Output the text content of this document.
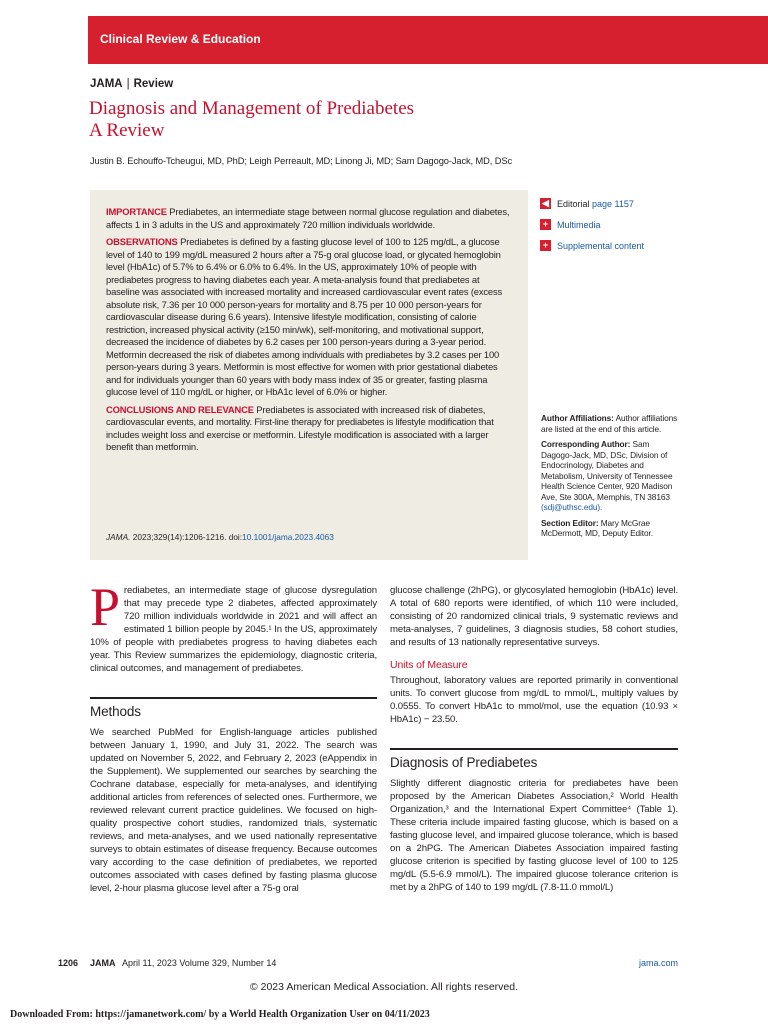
Clinical Review & Education
JAMA | Review
Diagnosis and Management of Prediabetes
A Review
Justin B. Echouffo-Tcheugui, MD, PhD; Leigh Perreault, MD; Linong Ji, MD; Sam Dagogo-Jack, MD, DSc

IMPORTANCE Prediabetes, an intermediate stage between normal glucose regulation and diabetes, affects 1 in 3 adults in the US and approximately 720 million individuals worldwide.

OBSERVATIONS Prediabetes is defined by a fasting glucose level of 100 to 125 mg/dL, a glucose level of 140 to 199 mg/dL measured 2 hours after a 75-g oral glucose load, or glycated hemoglobin level (HbA1c) of 5.7% to 6.4% or 6.0% to 6.4%. In the US, approximately 10% of people with prediabetes progress to having diabetes each year. A meta-analysis found that prediabetes at baseline was associated with increased mortality and increased cardiovascular event rates (excess absolute risk, 7.36 per 10 000 person-years for mortality and 8.75 per 10 000 person-years for cardiovascular disease during 6.6 years). Intensive lifestyle modification, consisting of calorie restriction, increased physical activity (≥150 min/wk), self-monitoring, and motivational support, decreased the incidence of diabetes by 6.2 cases per 100 person-years during a 3-year period. Metformin decreased the risk of diabetes among individuals with prediabetes by 3.2 cases per 100 person-years during 3 years. Metformin is most effective for women with prior gestational diabetes and for individuals younger than 60 years with body mass index of 35 or greater, fasting plasma glucose level of 110 mg/dL or higher, or HbA1c level of 6.0% or higher.

CONCLUSIONS AND RELEVANCE Prediabetes is associated with increased risk of diabetes, cardiovascular events, and mortality. First-line therapy for prediabetes is lifestyle modification that includes weight loss and exercise or metformin. Lifestyle modification is associated with a larger benefit than metformin.

JAMA. 2023;329(14):1206-1216. doi:10.1001/jama.2023.4063
◀ Editorial
page 1157
+ Multimedia
+ Supplemental content

Author Affiliations: Author affiliations are listed at the end of this article.

Corresponding Author: Sam Dagogo-Jack, MD, DSc, Division of Endocrinology, Diabetes and Metabolism, University of Tennessee Health Science Center, 920 Madison Ave, Ste 300A, Memphis, TN 38163 (sdj@uthsc.edu).

Section Editor: Mary McGrae McDermott, MD, Deputy Editor.

Prediabetes, an intermediate stage of glucose dysregulation that may precede type 2 diabetes, affected approximately 720 million individuals worldwide in 2021 and will affect an estimated 1 billion people by 2045.¹ In the US, approximately 10% of people with prediabetes progress to having diabetes each year. This Review summarizes the epidemiology, diagnostic criteria, clinical outcomes, and management of prediabetes.

Methods

We searched PubMed for English-language articles published between January 1, 1990, and July 31, 2022. The search was updated on November 5, 2022, and February 2, 2023 (eAppendix in the Supplement). We supplemented our searches by searching the Cochrane database, especially for meta-analyses, and identifying additional articles from references of selected ones. Furthermore, we reviewed relevant current practice guidelines. We focused on high-quality prospective cohort studies, randomized trials, systematic reviews, and meta-analyses, and we used nationally representative surveys to obtain estimates of disease frequency. Because outcomes vary according to the case definition of prediabetes, we reported outcomes associated with cases defined by fasting plasma glucose level, 2-hour plasma glucose level after a 75-g oral

glucose challenge (2hPG), or glycosylated hemoglobin (HbA1c) level. A total of 680 reports were identified, of which 110 were included, consisting of 20 randomized clinical trials, 9 systematic reviews and meta-analyses, 7 guidelines, 3 diagnosis studies, 58 cohort studies, and results of 13 nationally representative surveys.

Units of Measure

Throughout, laboratory values are reported primarily in conventional units. To convert glucose from mg/dL to mmol/L, multiply values by 0.0555. To convert HbA1c to mmol/mol, use the equation (10.93 × HbA1c) − 23.50.

Diagnosis of Prediabetes

Slightly different diagnostic criteria for prediabetes have been proposed by the American Diabetes Association,² World Health Organization,³ and the International Expert Committee⁴ (Table 1). These criteria include impaired fasting glucose, which is based on a fasting glucose level, and impaired glucose tolerance, which is based on a 2hPG. The American Diabetes Association impaired fasting glucose criterion is specified by fasting glucose level of 100 to 125 mg/dL (5.5-6.9 mmol/L). The impaired glucose tolerance criterion is met by a 2hPG of 140 to 199 mg/dL (7.8-11.0 mmol/L)

1206 JAMA April 11, 2023 Volume 329, Number 14	jama.com
© 2023 American Medical Association. All rights reserved.
Downloaded From: https://jamanetwork.com/ by a World Health Organization User on 04/11/2023
